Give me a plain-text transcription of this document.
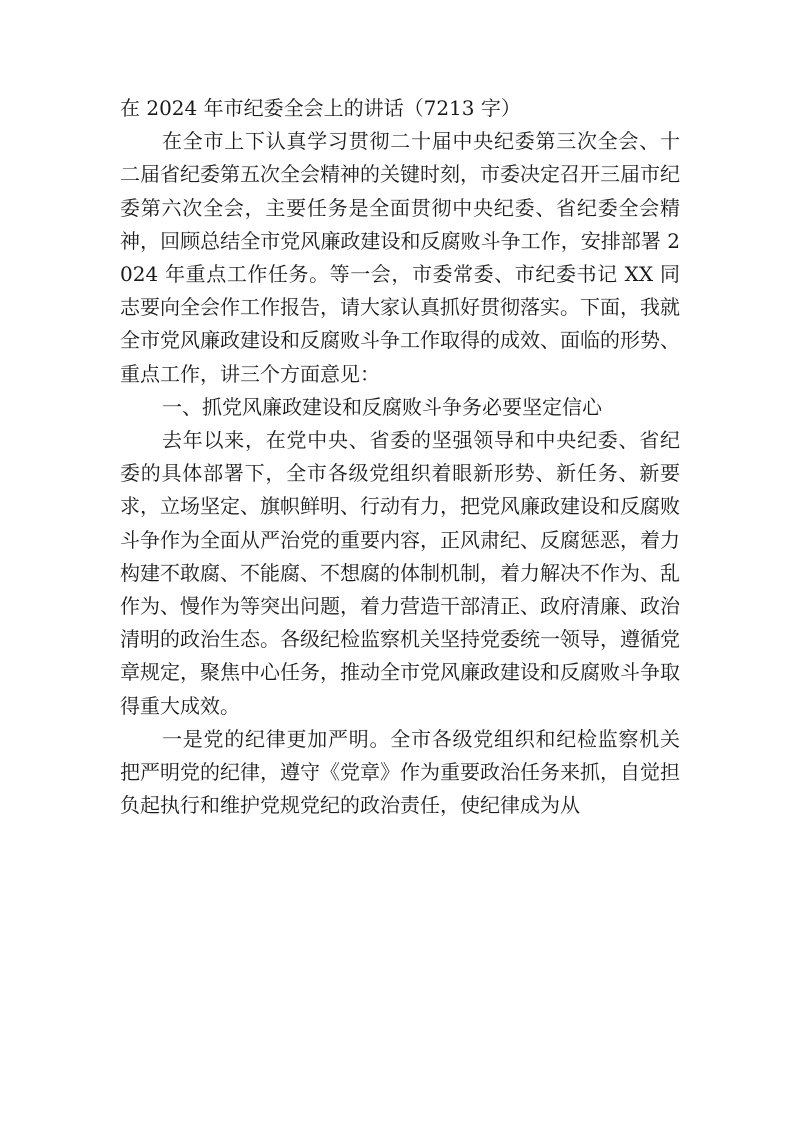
在 2024 年市纪委全会上的讲话（7213 字）

在全市上下认真学习贯彻二十届中央纪委第三次全会、十二届省纪委第五次全会精神的关键时刻，市委决定召开三届市纪委第六次全会，主要任务是全面贯彻中央纪委、省纪委全会精神，回顾总结全市党风廉政建设和反腐败斗争工作，安排部署 2024 年重点工作任务。等一会，市委常委、市纪委书记 XX 同志要向全会作工作报告，请大家认真抓好贯彻落实。下面，我就全市党风廉政建设和反腐败斗争工作取得的成效、面临的形势、重点工作，讲三个方面意见：

一、抓党风廉政建设和反腐败斗争务必要坚定信心

去年以来，在党中央、省委的坚强领导和中央纪委、省纪委的具体部署下，全市各级党组织着眼新形势、新任务、新要求，立场坚定、旗帜鲜明、行动有力，把党风廉政建设和反腐败斗争作为全面从严治党的重要内容，正风肃纪、反腐惩恶，着力构建不敢腐、不能腐、不想腐的体制机制，着力解决不作为、乱作为、慢作为等突出问题，着力营造干部清正、政府清廉、政治清明的政治生态。各级纪检监察机关坚持党委统一领导，遵循党章规定，聚焦中心任务，推动全市党风廉政建设和反腐败斗争取得重大成效。

一是党的纪律更加严明。全市各级党组织和纪检监察机关把严明党的纪律，遵守《党章》作为重要政治任务来抓，自觉担负起执行和维护党规党纪的政治责任，使纪律成为从
